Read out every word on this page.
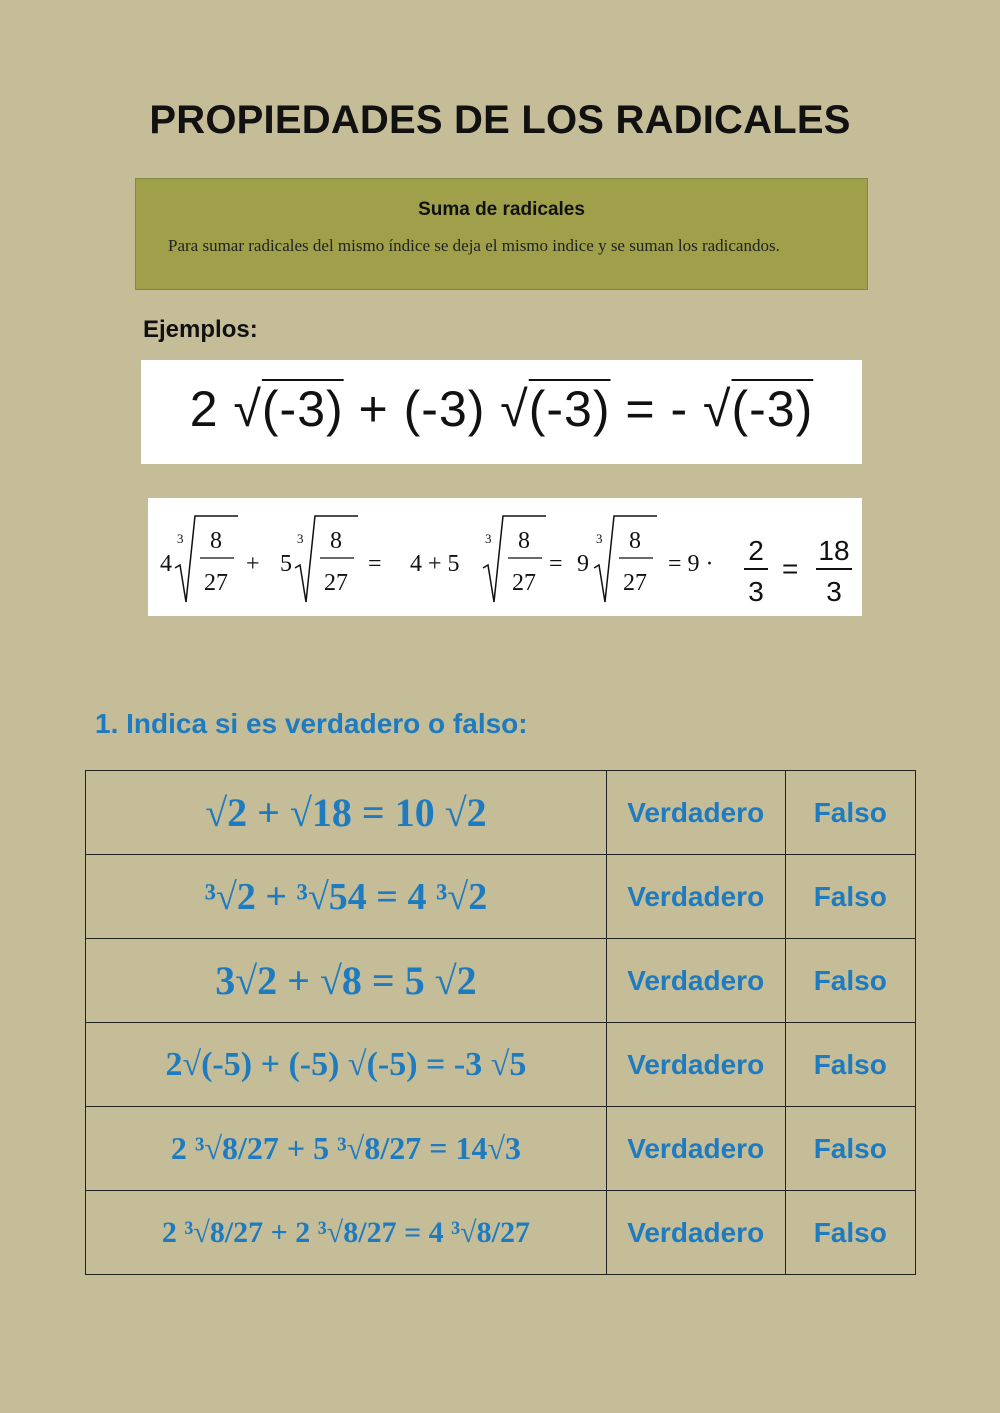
PROPIEDADES DE LOS RADICALES
Suma de radicales
Para sumar radicales del mismo índice se deja el mismo indice y se suman los radicandos.
Ejemplos:
2 √(-3) + (-3) √(-3) = - √(-3)
4
3 8
27
+ 5
3 8
27
= 4 + 5
3 8
27
= 9
3 8
27
= 9 · 2
3
=
18
3
1. Indica si es verdadero o falso:
√2 + √18 = 10 √2	Verdadero	Falso
³√2 + ³√54 = 4 ³√2	Verdadero	Falso
3√2 + √8 = 5 √2	Verdadero	Falso
2√(-5) + (-5) √(-5) = -3 √5	Verdadero	Falso
2 ³√8/27 + 5 ³√8/27 = 14√3	Verdadero	Falso
2 ³√8/27 + 2 ³√8/27 = 4 ³√8/27	Verdadero	Falso
